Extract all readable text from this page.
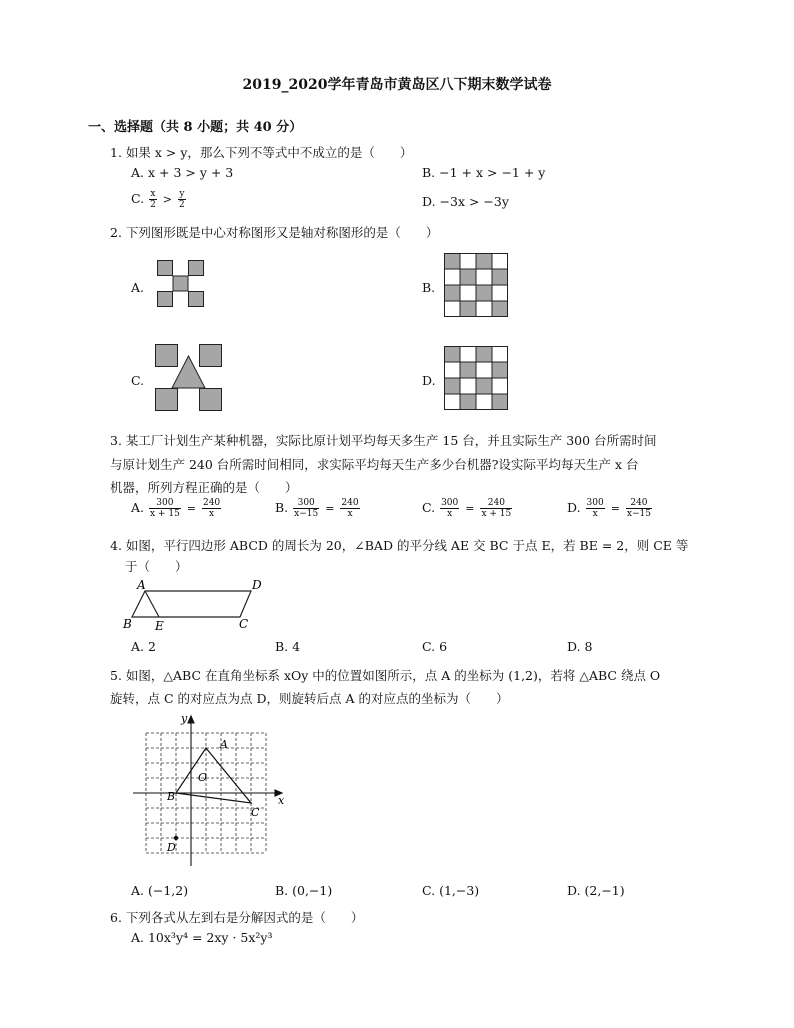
2019_2020学年青岛市黄岛区八下期末数学试卷
一、选择题（共 8 小题；共 40 分）
1. 如果 x > y，那么下列不等式中不成立的是（　　）
A. x + 3 > y + 3	B. −1 + x > −1 + y
C. $\frac{x}{2} > \frac{y}{2}$	D. −3x > −3y
2. 下列图形既是中心对称图形又是轴对称图形的是（　　）
A.	B.
C.	D.
3. 某工厂计划生产某种机器，实际比原计划平均每天多生产 15 台，并且实际生产 300 台所需时间
与原计划生产 240 台所需时间相同，求实际平均每天生产多少台机器?设实际平均每天生产 x 台
机器，所列方程正确的是（　　）
A. $\frac{300}{x + 15} = \frac{240}{x}$	B. $\frac{300}{x-15} = \frac{240}{x}$	C. $\frac{300}{x} = \frac{240}{x + 15}$	D. $\frac{300}{x} = \frac{240}{x-15}$
4. 如图，平行四边形 ABCD 的周长为 20，∠BAD 的平分线 AE 交 BC 于点 E，若 BE = 2，则 CE 等
于（　　）
A	D
B E	C
A. 2	B. 4	C. 6	D. 8
5. 如图，△ABC 在直角坐标系 xOy 中的位置如图所示，点 A 的坐标为 (1,2)，若将 △ABC 绕点 O
旋转，点 C 的对应点为点 D，则旋转后点 A 的对应点的坐标为（　　）
x
y
O
A
B
C
D
A. (−1,2)	B. (0,−1)	C. (1,−3)	D. (2,−1)
6. 下列各式从左到右是分解因式的是（　　）
A. 10x³y⁴ = 2xy · 5x²y³
